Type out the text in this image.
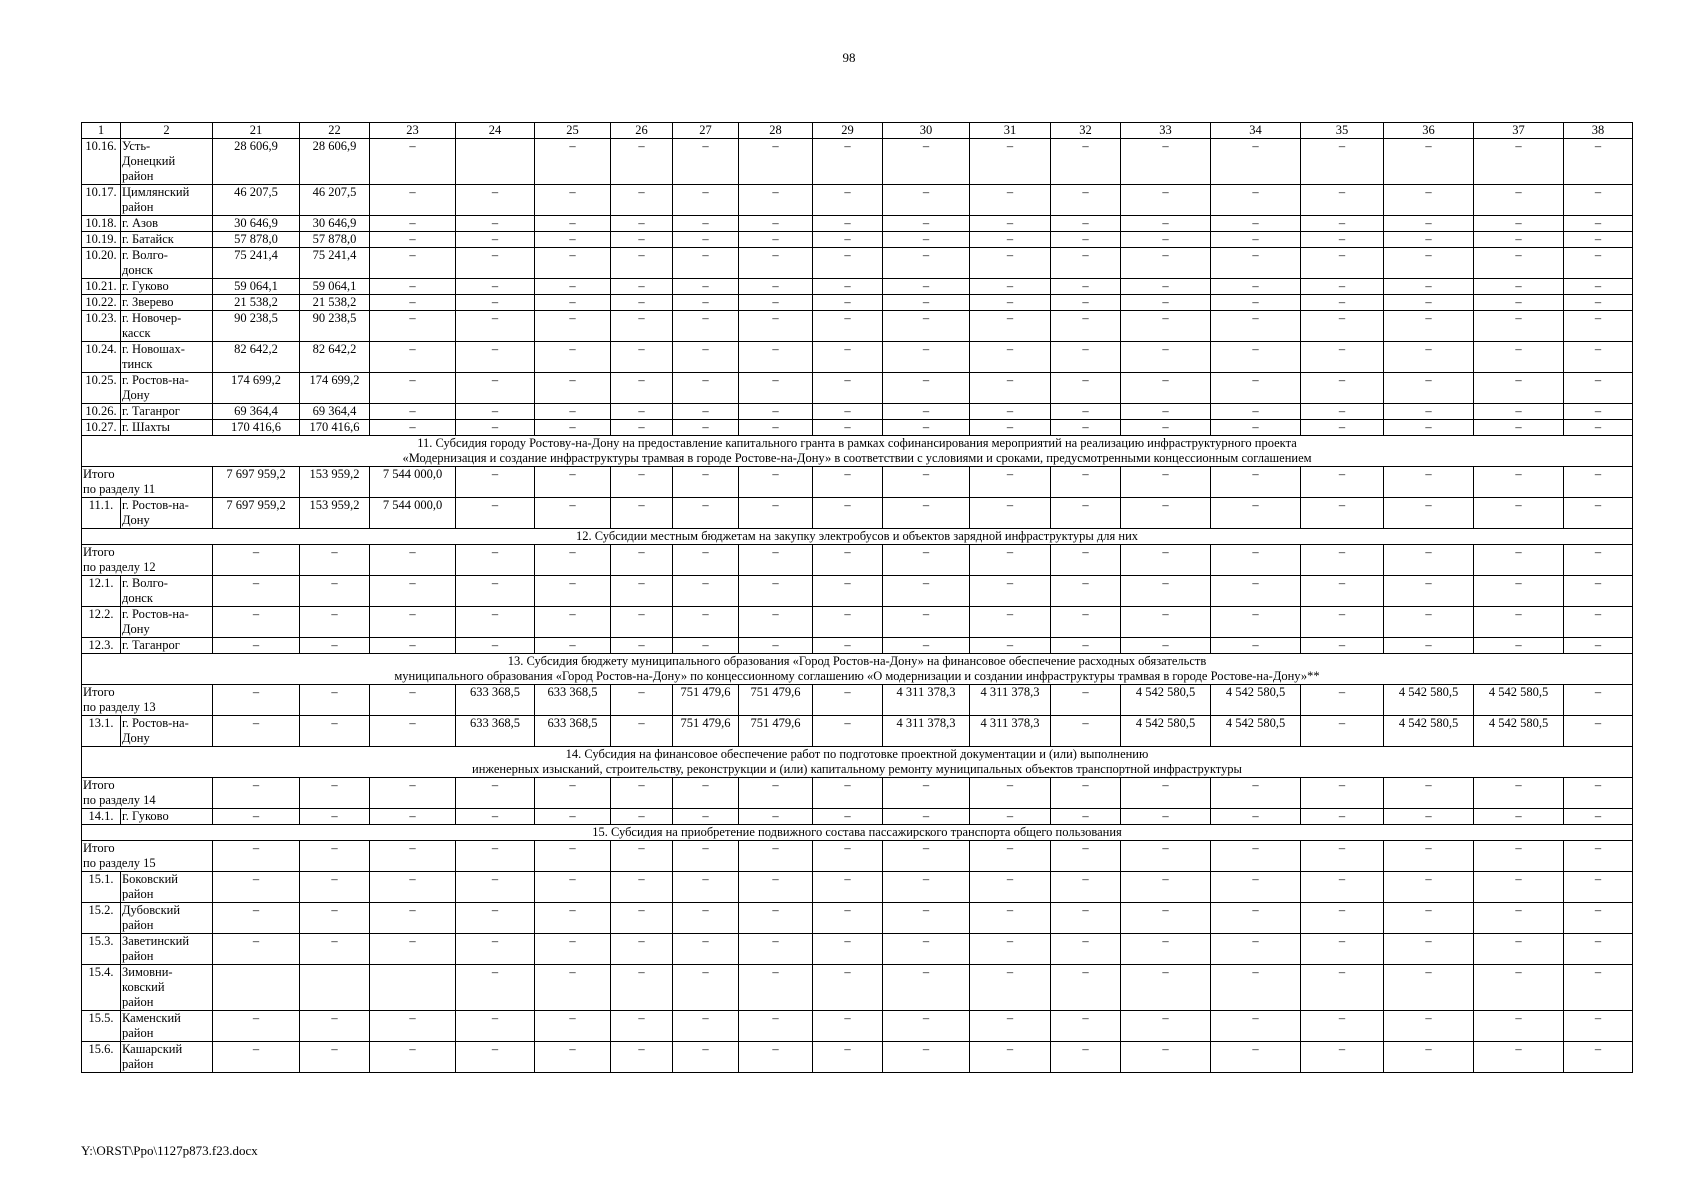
98
1	2	21	22	23	24	25	26	27	28	29	30	31	32	33	34	35	36	37	38
10.16.	Усть-
Донецкий
район	28 606,9	28 606,9	–		–	–	–	–	–	–	–	–	–	–	–	–	–	–
10.17.	Цимлянский
район	46 207,5	46 207,5	–	–	–	–	–	–	–	–	–	–	–	–	–	–	–	–
10.18.	г. Азов	30 646,9	30 646,9	–	–	–	–	–	–	–	–	–	–	–	–	–	–	–	–
10.19.	г. Батайск	57 878,0	57 878,0	–	–	–	–	–	–	–	–	–	–	–	–	–	–	–	–
10.20.	г. Волго-
донск	75 241,4	75 241,4	–	–	–	–	–	–	–	–	–	–	–	–	–	–	–	–
10.21.	г. Гуково	59 064,1	59 064,1	–	–	–	–	–	–	–	–	–	–	–	–	–	–	–	–
10.22.	г. Зверево	21 538,2	21 538,2	–	–	–	–	–	–	–	–	–	–	–	–	–	–	–	–
10.23.	г. Новочер-
касск	90 238,5	90 238,5	–	–	–	–	–	–	–	–	–	–	–	–	–	–	–	–
10.24.	г. Новошах-
тинск	82 642,2	82 642,2	–	–	–	–	–	–	–	–	–	–	–	–	–	–	–	–
10.25.	г. Ростов-на-
Дону	174 699,2	174 699,2	–	–	–	–	–	–	–	–	–	–	–	–	–	–	–	–
10.26.	г. Таганрог	69 364,4	69 364,4	–	–	–	–	–	–	–	–	–	–	–	–	–	–	–	–
10.27.	г. Шахты	170 416,6	170 416,6	–	–	–	–	–	–	–	–	–	–	–	–	–	–	–	–
11. Субсидия городу Ростову-на-Дону на предоставление капитального гранта в рамках софинансирования мероприятий на реализацию инфраструктурного проекта
«Модернизация и создание инфраструктуры трамвая в городе Ростове-на-Дону» в соответствии с условиями и сроками, предусмотренными концессионным соглашением																			
Итого
по разделу 11		7 697 959,2	153 959,2	7 544 000,0	–	–	–	–	–	–	–	–	–	–	–	–	–	–	–
11.1.	г. Ростов-на-
Дону	7 697 959,2	153 959,2	7 544 000,0	–	–	–	–	–	–	–	–	–	–	–	–	–	–	–
12. Субсидии местным бюджетам на закупку электробусов и объектов зарядной инфраструктуры для них																			
Итого
по разделу 12		–	–	–	–	–	–	–	–	–	–	–	–	–	–	–	–	–	–
12.1.	г. Волго-
донск	–	–	–	–	–	–	–	–	–	–	–	–	–	–	–	–	–	–
12.2.	г. Ростов-на-
Дону	–	–	–	–	–	–	–	–	–	–	–	–	–	–	–	–	–	–
12.3.	г. Таганрог	–	–	–	–	–	–	–	–	–	–	–	–	–	–	–	–	–	–
13. Субсидия бюджету муниципального образования «Город Ростов-на-Дону» на финансовое обеспечение расходных обязательств
муниципального образования «Город Ростов-на-Дону» по концессионному соглашению «О модернизации и создании инфраструктуры трамвая в городе Ростове-на-Дону»**																			
Итого
по разделу 13		–	–	–	633 368,5	633 368,5	–	751 479,6	751 479,6	–	4 311 378,3	4 311 378,3	–	4 542 580,5	4 542 580,5	–	4 542 580,5	4 542 580,5	–
13.1.	г. Ростов-на-
Дону	–	–	–	633 368,5	633 368,5	–	751 479,6	751 479,6	–	4 311 378,3	4 311 378,3	–	4 542 580,5	4 542 580,5	–	4 542 580,5	4 542 580,5	–
14. Субсидия на финансовое обеспечение работ по подготовке проектной документации и (или) выполнению
инженерных изысканий, строительству, реконструкции и (или) капитальному ремонту муниципальных объектов транспортной инфраструктуры																			
Итого
по разделу 14		–	–	–	–	–	–	–	–	–	–	–	–	–	–	–	–	–	–
14.1.	г. Гуково	–	–	–	–	–	–	–	–	–	–	–	–	–	–	–	–	–	–
15. Субсидия на приобретение подвижного состава пассажирского транспорта общего пользования																			
Итого
по разделу 15		–	–	–	–	–	–	–	–	–	–	–	–	–	–	–	–	–	–
15.1.	Боковский
район	–	–	–	–	–	–	–	–	–	–	–	–	–	–	–	–	–	–
15.2.	Дубовский
район	–	–	–	–	–	–	–	–	–	–	–	–	–	–	–	–	–	–
15.3.	Заветинский
район	–	–	–	–	–	–	–	–	–	–	–	–	–	–	–	–	–	–
15.4.	Зимовни-
ковский
район				–	–	–	–	–	–	–	–	–	–	–	–	–	–	–
15.5.	Каменский
район	–	–	–	–	–	–	–	–	–	–	–	–	–	–	–	–	–	–
15.6.	Кашарский
район	–	–	–	–	–	–	–	–	–	–	–	–	–	–	–	–	–	–
Y:\ORST\Ppo\1127p873.f23.docx
